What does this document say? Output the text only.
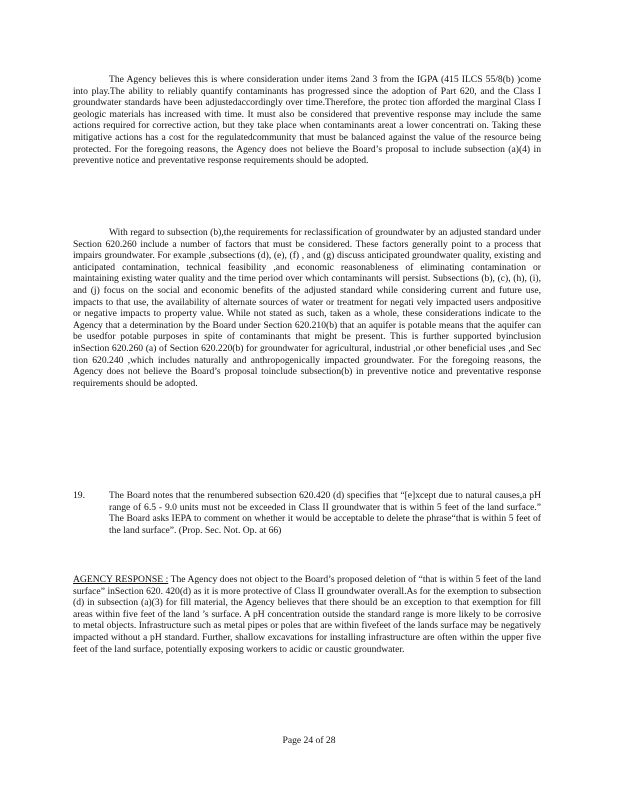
The Agency believes this is where consideration under items 2and 3 from the IGPA (415 ILCS 55/8(b) )come into play.The ability to reliably quantify contaminants has progressed since the adoption of Part 620, and the Class I groundwater standards have been adjustedaccordingly over time.Therefore, the protec tion afforded the marginal Class I geologic materials has increased with time. It must also be considered that preventive response may include the same actions required for corrective action, but they take place when contaminants areat a lower concentrati on. Taking these mitigative actions has a cost for the regulatedcommunity that must be balanced against the value of the resource being protected. For the foregoing reasons, the Agency does not believe the Board’s proposal to include subsection (a)(4) in preventive notice and preventative response requirements should be adopted.

With regard to subsection (b),the requirements for reclassification of groundwater by an adjusted standard under Section 620.260 include a number of factors that must be considered. These factors generally point to a process that impairs groundwater. For example ,subsections (d), (e), (f) , and (g) discuss anticipated groundwater quality, existing and anticipated contamination, technical feasibility ,and economic reasonableness of eliminating contamination or maintaining existing water quality and the time period over which contaminants will persist. Subsections (b), (c), (h), (i), and (j) focus on the social and economic benefits of the adjusted standard while considering current and future use, impacts to that use, the availability of alternate sources of water or treatment for negati vely impacted users andpositive or negative impacts to property value. While not stated as such, taken as a whole, these considerations indicate to the Agency that a determination by the Board under Section 620.210(b) that an aquifer is potable means that the aquifer can be usedfor potable purposes in spite of contaminants that might be present. This is further supported byinclusion inSection 620.260 (a) of Section 620.220(b) for groundwater for agricultural, industrial ,or other beneficial uses ,and Sec tion 620.240 ,which includes naturally and anthropogenically impacted groundwater. For the foregoing reasons, the Agency does not believe the Board’s proposal toinclude subsection(b) in preventive notice and preventative response requirements should be adopted.

19.	The Board notes that the renumbered subsection 620.420 (d) specifies that “[e]xcept due to natural causes,a pH range of 6.5 - 9.0 units must not be exceeded in Class II groundwater that is within 5 feet of the land surface.” The Board asks IEPA to comment on whether it would be acceptable to delete the phrase“that is within 5 feet of the land surface”. (Prop. Sec. Not. Op. at 66)

AGENCY RESPONSE : The Agency does not object to the Board’s proposed deletion of “that is within 5 feet of the land surface” inSection 620. 420(d) as it is more protective of Class II groundwater overall.As for the exemption to subsection (d) in subsection (a)(3) for fill material, the Agency believes that there should be an exception to that exemption for fill areas within five feet of the land ’s surface. A pH concentration outside the standard range is more likely to be corrosive to metal objects. Infrastructure such as metal pipes or poles that are within fivefeet of the lands surface may be negatively impacted without a pH standard. Further, shallow excavations for installing infrastructure are often within the upper five feet of the land surface, potentially exposing workers to acidic or caustic groundwater.

Page 24 of 28
